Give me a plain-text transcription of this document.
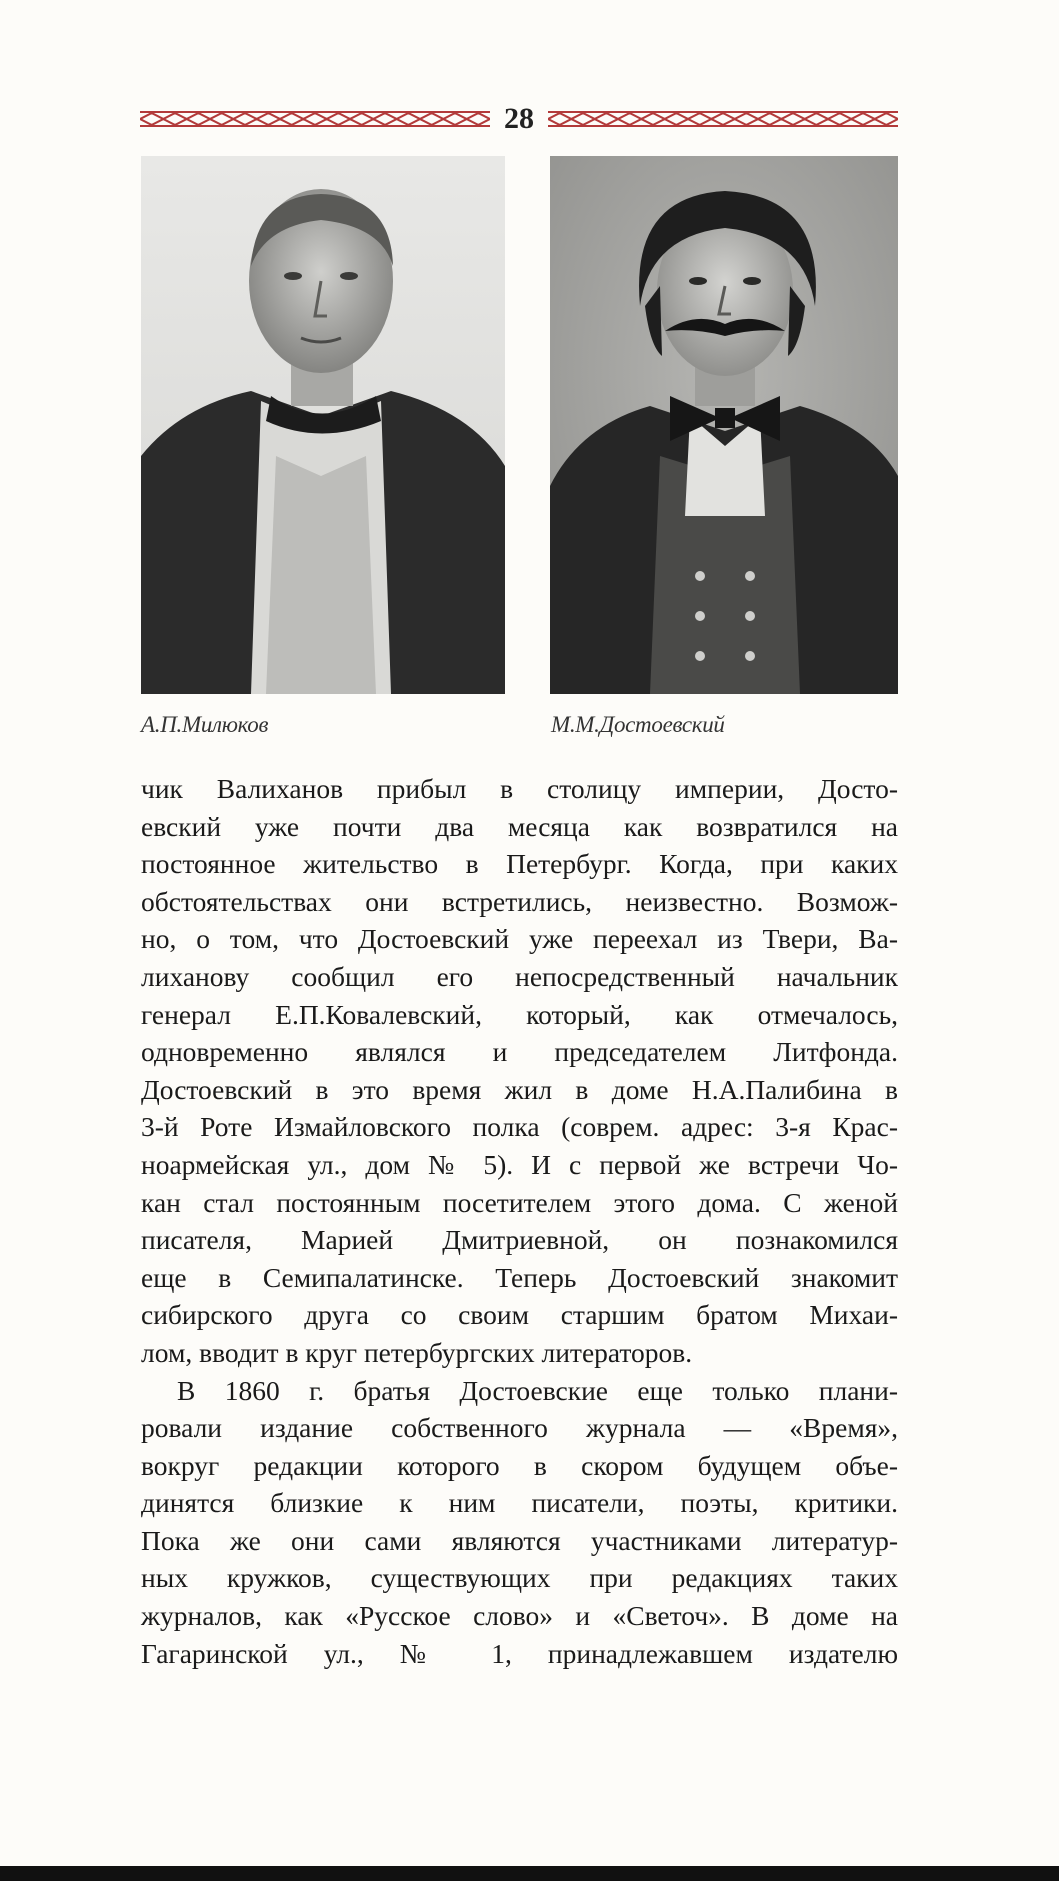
28
А.П.Милюков	М.М.Достоевский
чик Валиханов прибыл в столицу империи, Досто-
евский уже почти два месяца как возвратился на
постоянное жительство в Петербург. Когда, при каких
обстоятельствах они встретились, неизвестно. Возмож-
но, о том, что Достоевский уже переехал из Твери, Ва-
лиханову сообщил его непосредственный начальник
генерал Е.П.Ковалевский, который, как отмечалось,
одновременно являлся и председателем Литфонда.
Достоевский в это время жил в доме Н.А.Палибина в
3-й Роте Измайловского полка (соврем. адрес: 3-я Крас-
ноармейская ул., дом № 5). И с первой же встречи Чо-
кан стал постоянным посетителем этого дома. С женой
писателя, Марией Дмитриевной, он познакомился
еще в Семипалатинске. Теперь Достоевский знакомит
сибирского друга со своим старшим братом Михаи-
лом, вводит в круг петербургских литераторов.
В 1860 г. братья Достоевские еще только плани-
ровали издание собственного журнала — «Время»,
вокруг редакции которого в скором будущем объе-
динятся близкие к ним писатели, поэты, критики.
Пока же они сами являются участниками литератур-
ных кружков, существующих при редакциях таких
журналов, как «Русское слово» и «Светоч». В доме на
Гагаринской ул., № 1, принадлежавшем издателю
